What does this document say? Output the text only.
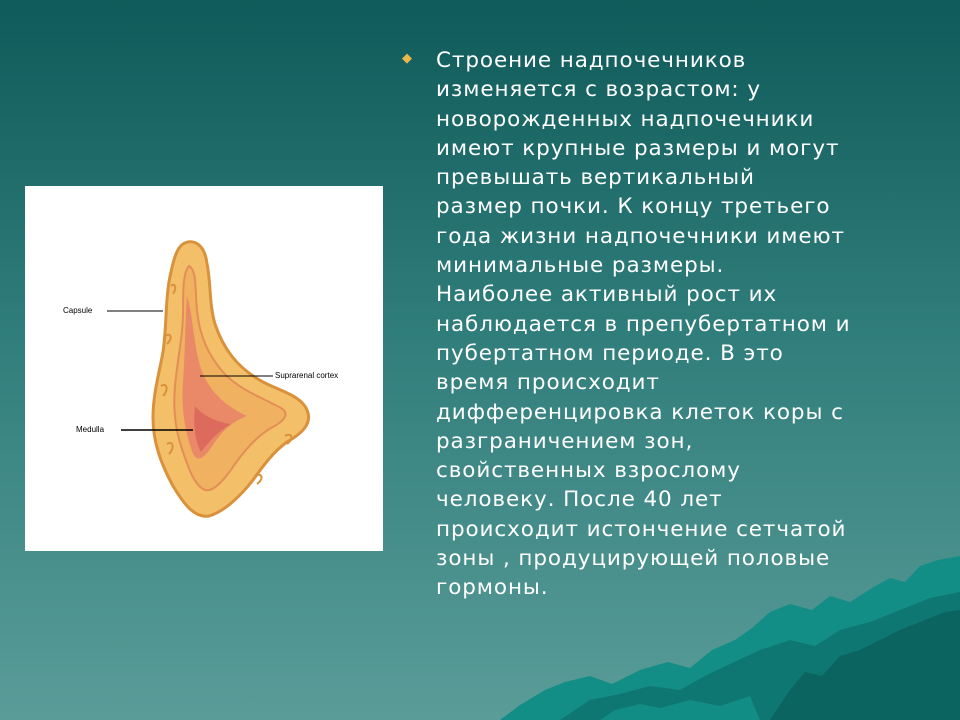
Capsule
Suprarenal cortex
Medulla
◆ Строение надпочечников
изменяется с возрастом: у
новорожденных надпочечники
имеют крупные размеры и могут
превышать вертикальный
размер почки. К концу третьего
года жизни надпочечники имеют
минимальные размеры.
Наиболее активный рост их
наблюдается в препубертатном и
пубертатном периоде. В это
время происходит
дифференцировка клеток коры с
разграничением зон,
свойственных взрослому
человеку. После 40 лет
происходит истончение сетчатой
зоны , продуцирующей половые
гормоны.
